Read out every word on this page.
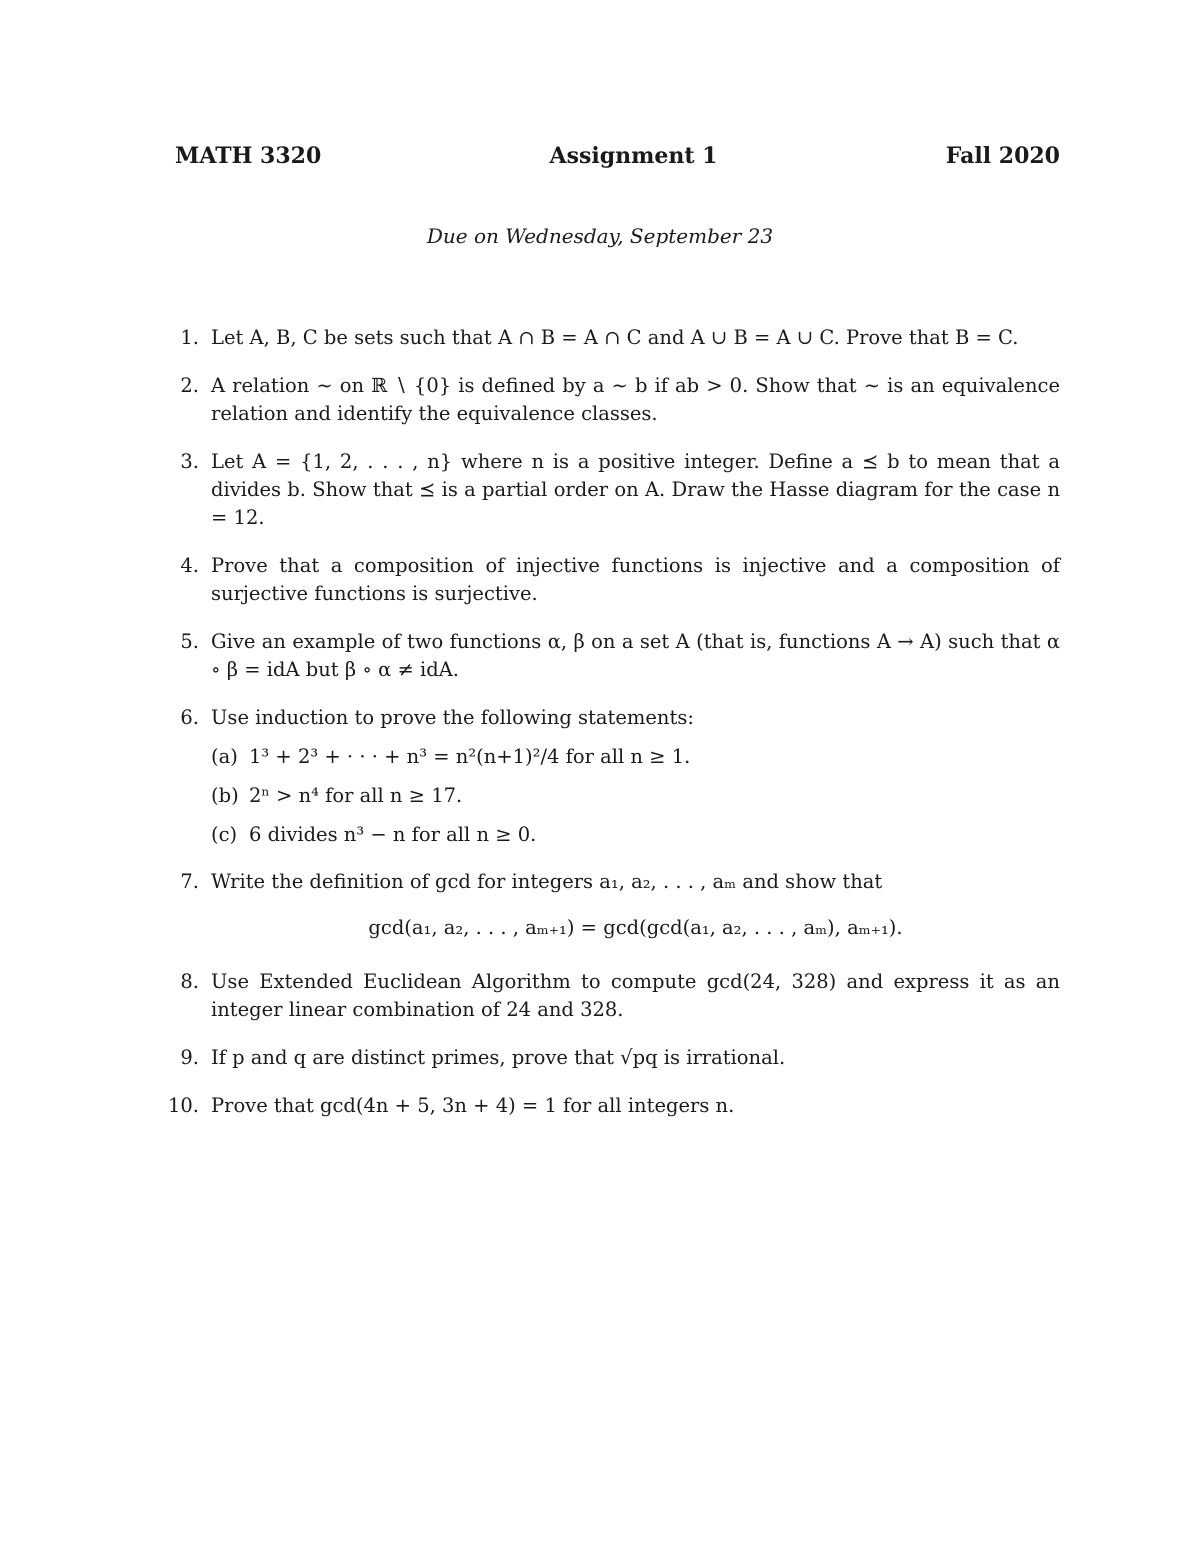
MATH 3320	Assignment 1	Fall 2020
Due on Wednesday, September 23
1. Let A, B, C be sets such that A ∩ B = A ∩ C and A ∪ B = A ∪ C. Prove that B = C.
2. A relation ∼ on ℝ ∖ {0} is defined by a ∼ b if ab > 0. Show that ∼ is an equivalence relation and identify the equivalence classes.
3. Let A = {1, 2, . . . , n} where n is a positive integer. Define a ⪯ b to mean that a divides b. Show that ⪯ is a partial order on A. Draw the Hasse diagram for the case n = 12.
4. Prove that a composition of injective functions is injective and a composition of surjective functions is surjective.
5. Give an example of two functions α, β on a set A (that is, functions A → A) such that α ∘ β = idA but β ∘ α ≠ idA.
6. Use induction to prove the following statements:
(a) 1³ + 2³ + · · · + n³ = n²(n+1)²/4 for all n ≥ 1.
(b) 2ⁿ > n⁴ for all n ≥ 17.
(c) 6 divides n³ − n for all n ≥ 0.
7. Write the definition of gcd for integers a₁, a₂, . . . , aₘ and show that
gcd(a₁, a₂, . . . , aₘ₊₁) = gcd(gcd(a₁, a₂, . . . , aₘ), aₘ₊₁).
8. Use Extended Euclidean Algorithm to compute gcd(24, 328) and express it as an integer linear combination of 24 and 328.
9. If p and q are distinct primes, prove that √pq is irrational.
10. Prove that gcd(4n + 5, 3n + 4) = 1 for all integers n.
